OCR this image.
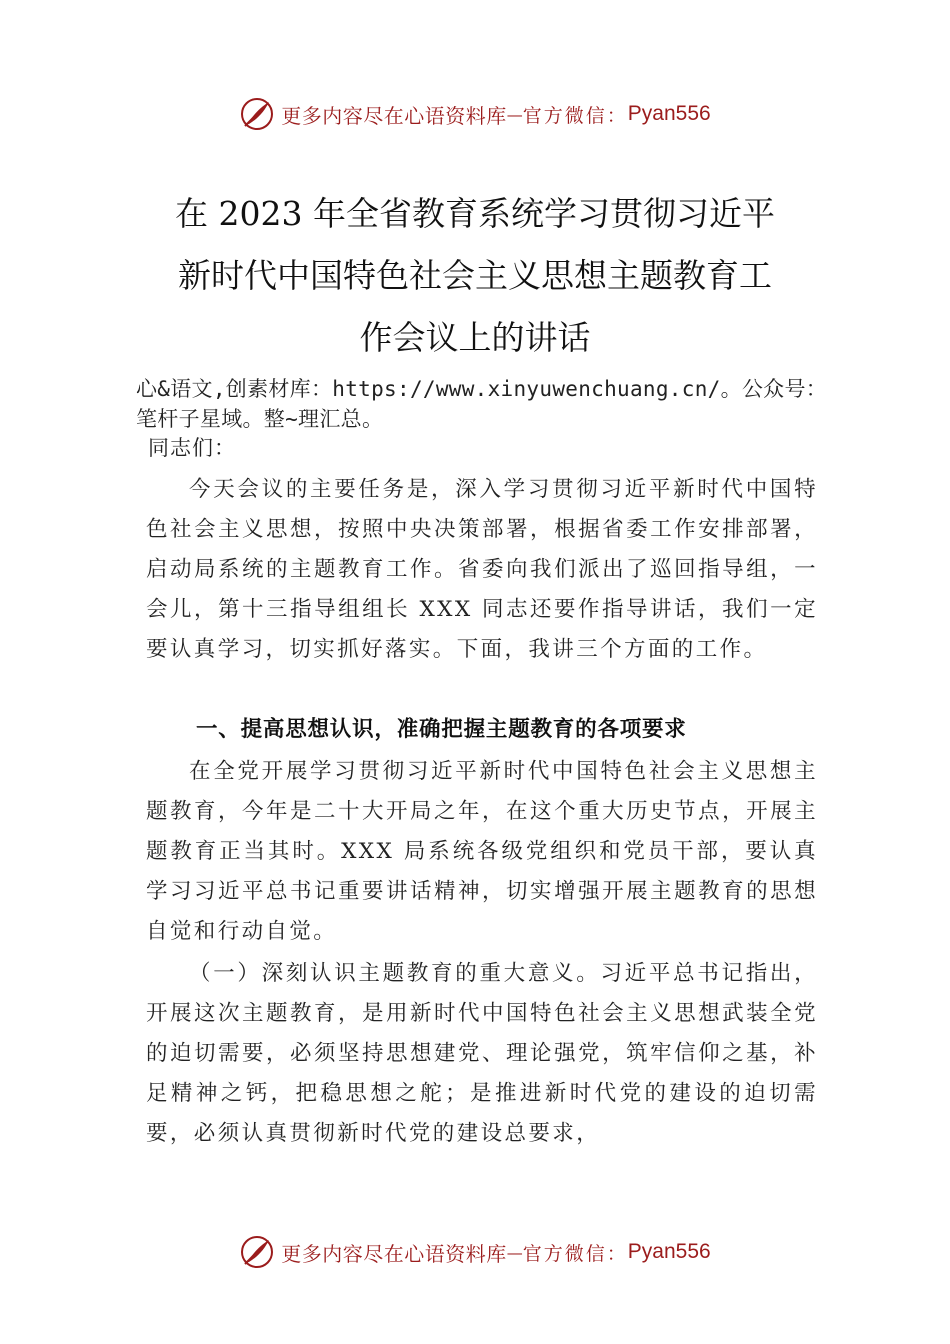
更多内容尽在心语资料库 — 官方微信： Pyan556
在 2023 年全省教育系统学习贯彻习近平
新时代中国特色社会主义思想主题教育工
作会议上的讲话
心&语文,创素材库：https://www.xinyuwenchuang.cn/。公众号：笔杆子星域。整~理汇总。
同志们：
今天会议的主要任务是，深入学习贯彻习近平新时代中国特色社会主义思想，按照中央决策部署，根据省委工作安排部署，启动局系统的主题教育工作。省委向我们派出了巡回指导组，一会儿，第十三指导组组长 XXX 同志还要作指导讲话，我们一定要认真学习，切实抓好落实。下面，我讲三个方面的工作。
一、提高思想认识，准确把握主题教育的各项要求
在全党开展学习贯彻习近平新时代中国特色社会主义思想主题教育，今年是二十大开局之年，在这个重大历史节点，开展主题教育正当其时。XXX 局系统各级党组织和党员干部，要认真学习习近平总书记重要讲话精神，切实增强开展主题教育的思想自觉和行动自觉。
（一）深刻认识主题教育的重大意义。习近平总书记指出，开展这次主题教育，是用新时代中国特色社会主义思想武装全党的迫切需要，必须坚持思想建党、理论强党，筑牢信仰之基，补足精神之钙，把稳思想之舵；是推进新时代党的建设的迫切需要，必须认真贯彻新时代党的建设总要求，
更多内容尽在心语资料库 — 官方微信： Pyan556
